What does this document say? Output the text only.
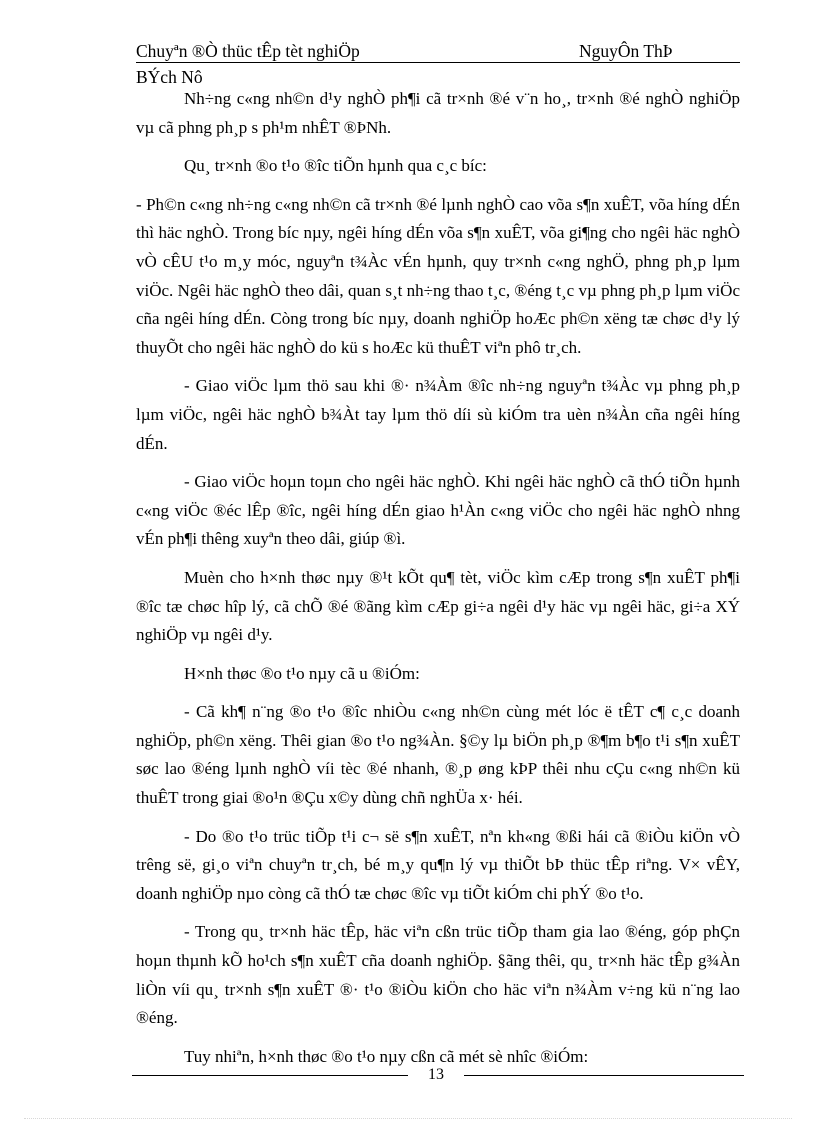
Chuyªn ®Ò thüc tÊp tèt nghiÖp	NguyÔn ThÞ
BÝch Nô

Nh÷ng c«ng nh©n d¹y nghÒ ph¶i cã tr×nh ®é v¨n ho¸, tr×nh ®é nghÒ nghiÖp vµ cã phng ph¸p s ph¹m nhÊT ®ÞNh.

Qu¸ tr×nh ®o t¹o ®îc tiÕn hµnh qua c¸c bíc:

- Ph©n c«ng nh÷ng c«ng nh©n cã tr×nh ®é lµnh nghÒ cao võa s¶n xuÊT, võa híng dÉn thì häc nghÒ. Trong bíc nµy, ngêi híng dÉn võa s¶n xuÊT, võa gi¶ng cho ngêi häc nghÒ vÒ cÊU t¹o m¸y móc, nguyªn t¾Àc vÉn hµnh, quy tr×nh c«ng nghÖ, phng ph¸p lµm viÖc. Ngêi häc nghÒ theo dâi, quan s¸t nh÷ng thao t¸c, ®éng t¸c vµ phng ph¸p lµm viÖc cña ngêi híng dÉn. Còng trong bíc nµy, doanh nghiÖp hoÆc ph©n xëng tæ chøc d¹y lý thuyÕt cho ngêi häc nghÒ do kü s hoÆc kü thuÊT viªn phô tr¸ch.

- Giao viÖc lµm thö sau khi ®· n¾Àm ®îc nh÷ng nguyªn t¾Àc vµ phng ph¸p lµm viÖc, ngêi häc nghÒ b¾Àt tay lµm thö díi sù kiÓm tra uèn n¾Àn cña ngêi híng dÉn.

- Giao viÖc hoµn toµn cho ngêi häc nghÒ. Khi ngêi häc nghÒ cã thÓ tiÕn hµnh c«ng viÖc ®éc lÊp ®îc, ngêi híng dÉn giao h¹Àn c«ng viÖc cho ngêi häc nghÒ nhng vÉn ph¶i thêng xuyªn theo dâi, giúp ®ì.

Muèn cho h×nh thøc nµy ®¹t kÕt qu¶ tèt, viÖc kìm cÆp trong s¶n xuÊT ph¶i ®îc tæ chøc hîp lý, cã chÕ ®é ®ãng kìm cÆp gi÷a ngêi d¹y häc vµ ngêi häc, gi÷a XÝ nghiÖp vµ ngêi d¹y.

H×nh thøc ®o t¹o nµy cã u ®iÓm:

- Cã kh¶ n¨ng ®o t¹o ®îc nhiÒu c«ng nh©n cùng mét lóc ë tÊT c¶ c¸c doanh nghiÖp, ph©n xëng. Thêi gian ®o t¹o ng¾Àn. §©y lµ biÖn ph¸p ®¶m b¶o t¹i s¶n xuÊT søc lao ®éng lµnh nghÒ víi tèc ®é nhanh, ®¸p øng kÞP thêi nhu cÇu c«ng nh©n kü thuÊT trong giai ®o¹n ®Çu x©y dùng chñ nghÜa x· héi.

- Do ®o t¹o trüc tiÕp t¹i c¬ së s¶n xuÊT, nªn kh«ng ®ßi hái cã ®iÒu kiÖn vÒ trêng së, gi¸o viªn chuyªn tr¸ch, bé m¸y qu¶n lý vµ thiÕt bÞ thüc tÊp riªng. V× vÊY, doanh nghiÖp nµo còng cã thÓ tæ chøc ®îc vµ tiÕt kiÓm chi phÝ ®o t¹o.

- Trong qu¸ tr×nh häc tÊp, häc viªn cßn trüc tiÕp tham gia lao ®éng, góp phÇn hoµn thµnh kÕ ho¹ch s¶n xuÊT cña doanh nghiÖp. §ãng thêi, qu¸ tr×nh häc tÊp g¾Àn liÒn víi qu¸ tr×nh s¶n xuÊT ®· t¹o ®iÒu kiÖn cho häc viªn n¾Àm v÷ng kü n¨ng lao ®éng.

Tuy nhiªn, h×nh thøc ®o t¹o nµy cßn cã mét sè nhîc ®iÓm:

13
